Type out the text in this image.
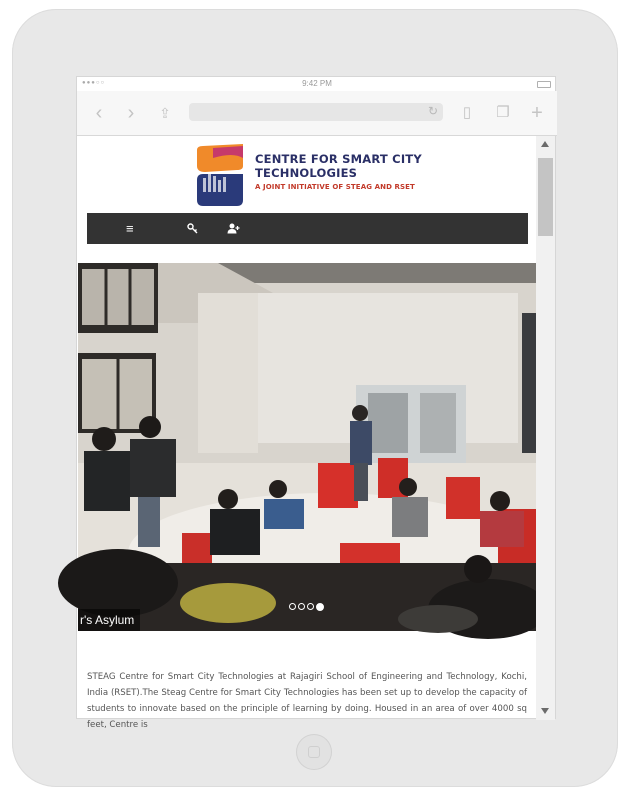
●●●○○	9:42 PM
‹	›	⇪	↻	▯	❐	+
CENTRE FOR SMART CITY
TECHNOLOGIES
A JOINT INITIATIVE OF STEAG AND RSET
≡
r's Asylum
STEAG Centre for Smart City Technologies at Rajagiri School of Engineering and Technology, Kochi, India (RSET).The Steag Centre for Smart City Technologies has been set up to develop the capacity of students to innovate based on the principle of learning by doing. Housed in an area of over 4000 sq feet, Centre is
